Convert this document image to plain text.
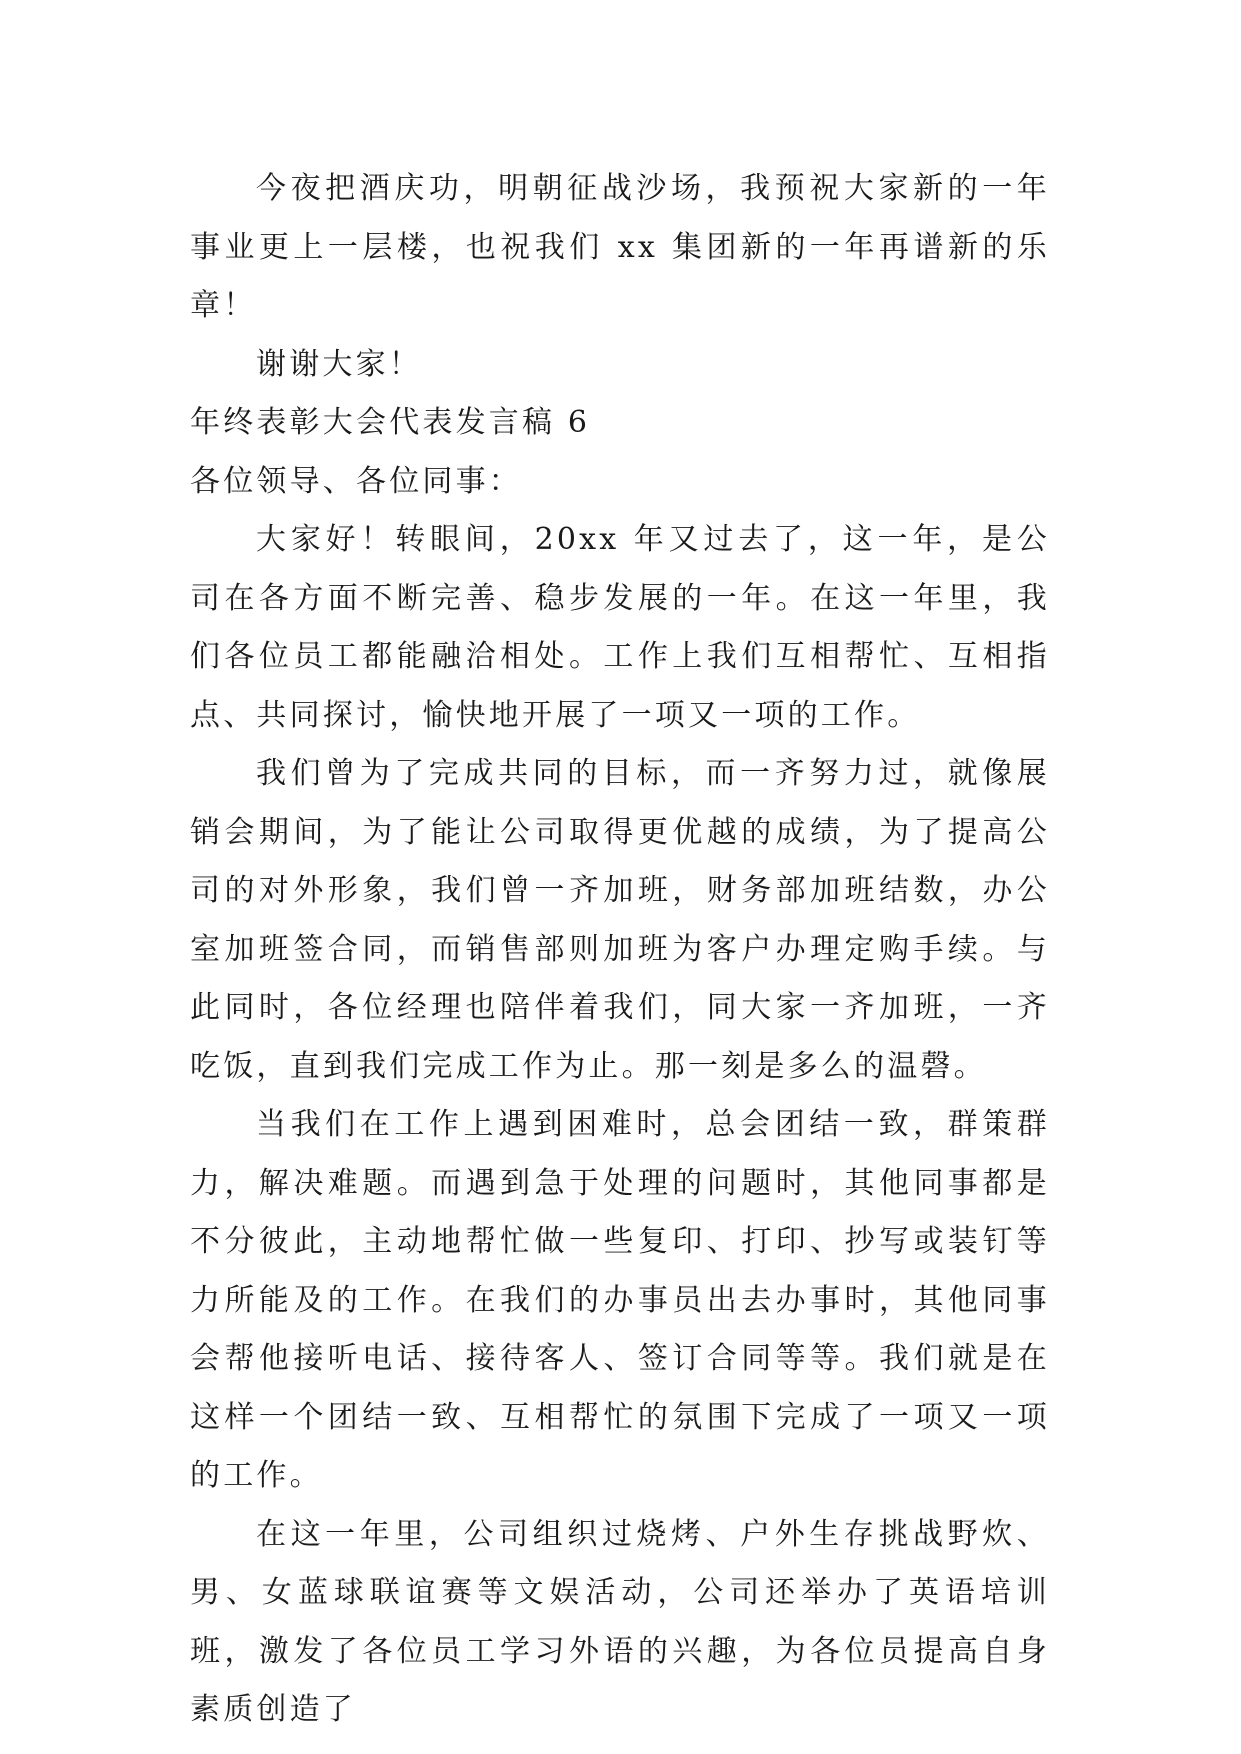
今夜把酒庆功，明朝征战沙场，我预祝大家新的一年事业更上一层楼，也祝我们 xx 集团新的一年再谱新的乐章！

谢谢大家！

年终表彰大会代表发言稿 6

各位领导、各位同事：

大家好！转眼间，20xx 年又过去了，这一年，是公司在各方面不断完善、稳步发展的一年。在这一年里，我们各位员工都能融洽相处。工作上我们互相帮忙、互相指点、共同探讨，愉快地开展了一项又一项的工作。

我们曾为了完成共同的目标，而一齐努力过，就像展销会期间，为了能让公司取得更优越的成绩，为了提高公司的对外形象，我们曾一齐加班，财务部加班结数，办公室加班签合同，而销售部则加班为客户办理定购手续。与此同时，各位经理也陪伴着我们，同大家一齐加班，一齐吃饭，直到我们完成工作为止。那一刻是多么的温磬。

当我们在工作上遇到困难时，总会团结一致，群策群力，解决难题。而遇到急于处理的问题时，其他同事都是不分彼此，主动地帮忙做一些复印、打印、抄写或装钉等力所能及的工作。在我们的办事员出去办事时，其他同事会帮他接听电话、接待客人、签订合同等等。我们就是在这样一个团结一致、互相帮忙的氛围下完成了一项又一项的工作。

在这一年里，公司组织过烧烤、户外生存挑战野炊、男、女蓝球联谊赛等文娱活动，公司还举办了英语培训班，激发了各位员工学习外语的兴趣，为各位员提高自身素质创造了
